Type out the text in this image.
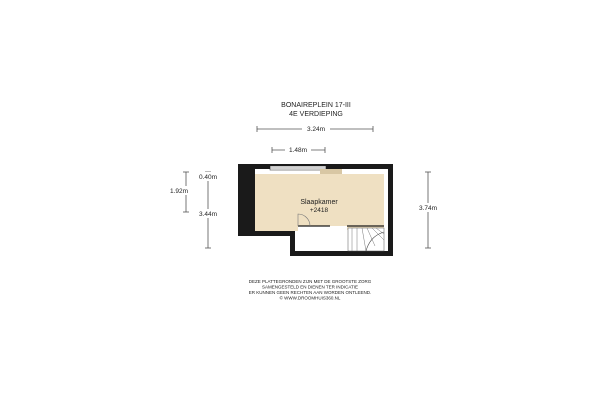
BONAIREPLEIN 17-III
4E VERDIEPING
3.24m
1.48m
1.92m
0.40m
3.44m
3.74m
Slaapkamer
+2418
DEZE PLATTEGRONDEN ZIJN MET DE GROOTSTE ZORG
SAMENGESTELD EN DIENEN TER INDICATIE
ER KUNNEN GEEN RECHTEN AAN WORDEN ONTLEEND.
© WWW.DROOMHUIS360.NL
